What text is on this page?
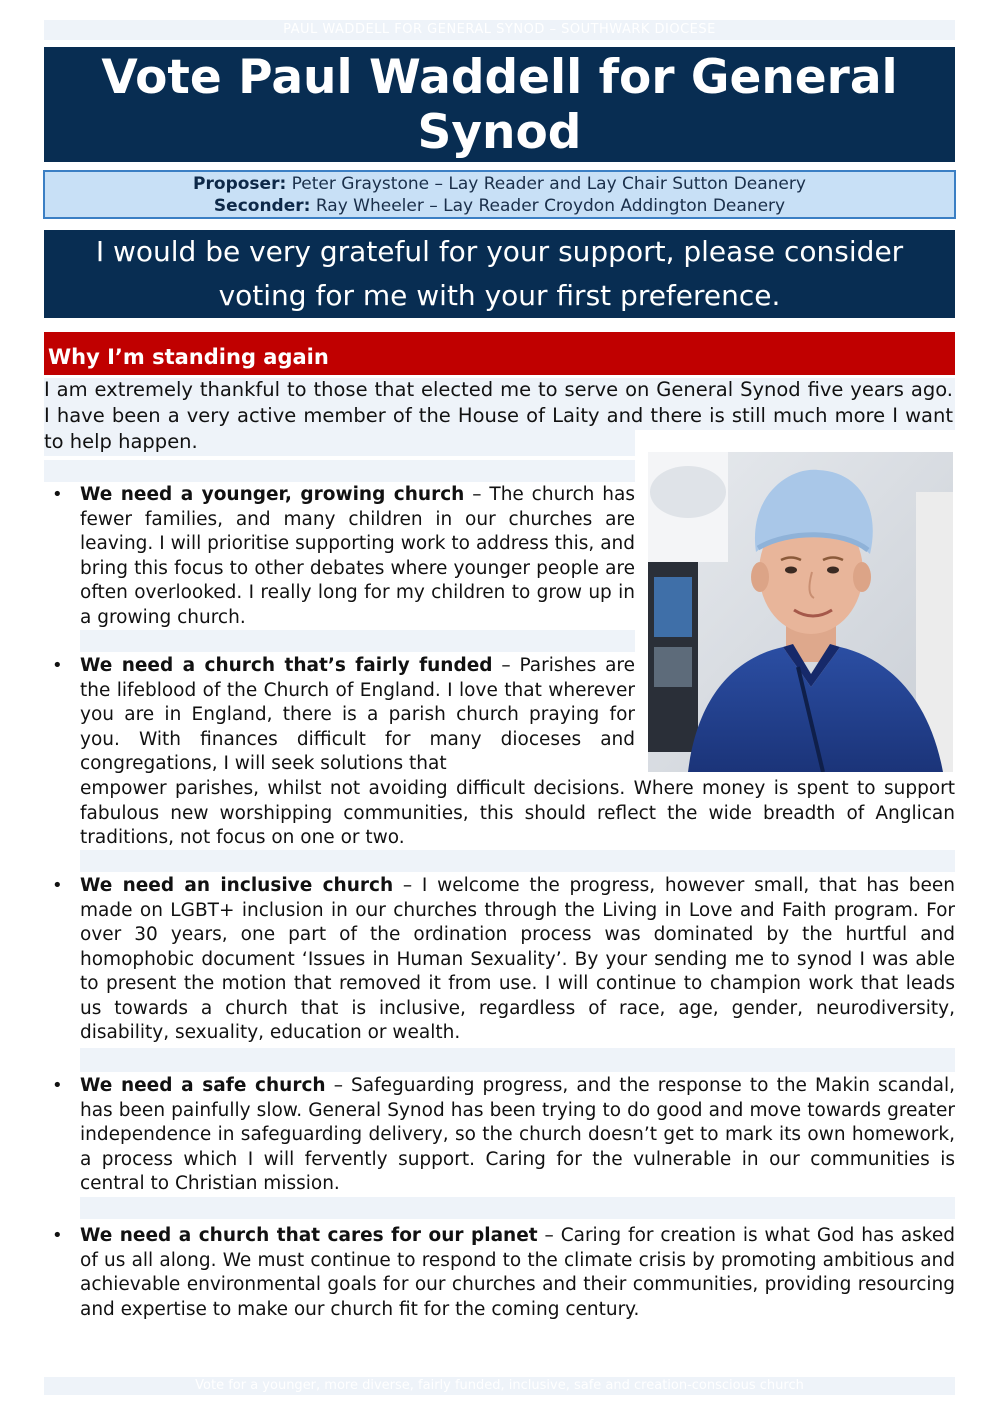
PAUL WADDELL FOR GENERAL SYNOD – SOUTHWARK DIOCESE
Vote Paul Waddell for General Synod
Proposer: Peter Graystone – Lay Reader and Lay Chair Sutton Deanery
Seconder: Ray Wheeler – Lay Reader Croydon Addington Deanery
I would be very grateful for your support, please consider voting for me with your first preference.
Why I’m standing again
I am extremely thankful to those that elected me to serve on General Synod five years ago. I have been a very active member of the House of Laity and there is still much more I want to help happen.
• We need a younger, growing church – The church has fewer families, and many children in our churches are leaving. I will prioritise supporting work to address this, and bring this focus to other debates where younger people are often overlooked. I really long for my children to grow up in a growing church.
• We need a church that’s fairly funded – Parishes are the lifeblood of the Church of England. I love that wherever you are in England, there is a parish church praying for you. With finances difficult for many dioceses and congregations, I will seek solutions that
empower parishes, whilst not avoiding difficult decisions. Where money is spent to support fabulous new worshipping communities, this should reflect the wide breadth of Anglican traditions, not focus on one or two.
• We need an inclusive church – I welcome the progress, however small, that has been made on LGBT+ inclusion in our churches through the Living in Love and Faith program. For over 30 years, one part of the ordination process was dominated by the hurtful and homophobic document ‘Issues in Human Sexuality’. By your sending me to synod I was able to present the motion that removed it from use. I will continue to champion work that leads us towards a church that is inclusive, regardless of race, age, gender, neurodiversity, disability, sexuality, education or wealth.
• We need a safe church – Safeguarding progress, and the response to the Makin scandal, has been painfully slow. General Synod has been trying to do good and move towards greater independence in safeguarding delivery, so the church doesn’t get to mark its own homework, a process which I will fervently support. Caring for the vulnerable in our communities is central to Christian mission.
• We need a church that cares for our planet – Caring for creation is what God has asked of us all along. We must continue to respond to the climate crisis by promoting ambitious and achievable environmental goals for our churches and their communities, providing resourcing and expertise to make our church fit for the coming century.
Vote for a younger, more diverse, fairly funded, inclusive, safe and creation-conscious church
